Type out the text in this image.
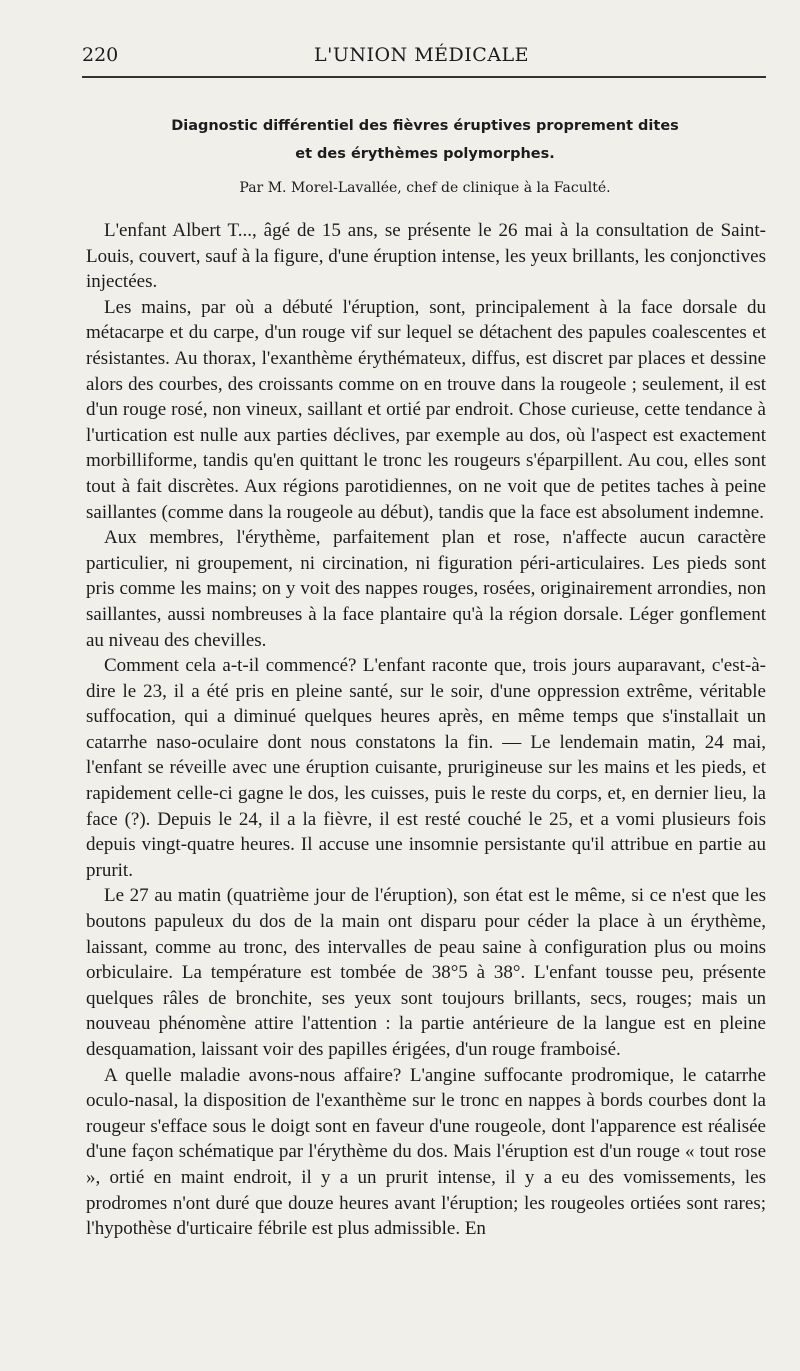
220	L'UNION MÉDICALE
Diagnostic différentiel des fièvres éruptives proprement dites
et des érythèmes polymorphes.
Par M. Morel-Lavallée, chef de clinique à la Faculté.

L'enfant Albert T..., âgé de 15 ans, se présente le 26 mai à la consultation de Saint-Louis, couvert, sauf à la figure, d'une éruption intense, les yeux brillants, les conjonctives injectées.

Les mains, par où a débuté l'éruption, sont, principalement à la face dorsale du métacarpe et du carpe, d'un rouge vif sur lequel se détachent des papules coalescentes et résistantes. Au thorax, l'exanthème érythémateux, diffus, est discret par places et dessine alors des courbes, des croissants comme on en trouve dans la rougeole ; seulement, il est d'un rouge rosé, non vineux, saillant et ortié par endroit. Chose curieuse, cette tendance à l'urtication est nulle aux parties déclives, par exemple au dos, où l'aspect est exactement morbilliforme, tandis qu'en quittant le tronc les rougeurs s'éparpillent. Au cou, elles sont tout à fait discrètes. Aux régions parotidiennes, on ne voit que de petites taches à peine saillantes (comme dans la rougeole au début), tandis que la face est absolument indemne.

Aux membres, l'érythème, parfaitement plan et rose, n'affecte aucun caractère particulier, ni groupement, ni circination, ni figuration péri-articulaires. Les pieds sont pris comme les mains; on y voit des nappes rouges, rosées, originairement arrondies, non saillantes, aussi nombreuses à la face plantaire qu'à la région dorsale. Léger gonflement au niveau des chevilles.

Comment cela a-t-il commencé? L'enfant raconte que, trois jours auparavant, c'est-à-dire le 23, il a été pris en pleine santé, sur le soir, d'une oppression extrême, véritable suffocation, qui a diminué quelques heures après, en même temps que s'installait un catarrhe naso-oculaire dont nous constatons la fin. — Le lendemain matin, 24 mai, l'enfant se réveille avec une éruption cuisante, prurigineuse sur les mains et les pieds, et rapidement celle-ci gagne le dos, les cuisses, puis le reste du corps, et, en dernier lieu, la face (?). Depuis le 24, il a la fièvre, il est resté couché le 25, et a vomi plusieurs fois depuis vingt-quatre heures. Il accuse une insomnie persistante qu'il attribue en partie au prurit.

Le 27 au matin (quatrième jour de l'éruption), son état est le même, si ce n'est que les boutons papuleux du dos de la main ont disparu pour céder la place à un érythème, laissant, comme au tronc, des intervalles de peau saine à configuration plus ou moins orbiculaire. La température est tombée de 38°5 à 38°. L'enfant tousse peu, présente quelques râles de bronchite, ses yeux sont toujours brillants, secs, rouges; mais un nouveau phénomène attire l'attention : la partie antérieure de la langue est en pleine desquamation, laissant voir des papilles érigées, d'un rouge framboisé.

A quelle maladie avons-nous affaire? L'angine suffocante prodromique, le catarrhe oculo-nasal, la disposition de l'exanthème sur le tronc en nappes à bords courbes dont la rougeur s'efface sous le doigt sont en faveur d'une rougeole, dont l'apparence est réalisée d'une façon schématique par l'érythème du dos. Mais l'éruption est d'un rouge « tout rose », ortié en maint endroit, il y a un prurit intense, il y a eu des vomissements, les prodromes n'ont duré que douze heures avant l'éruption; les rougeoles ortiées sont rares; l'hypothèse d'urticaire fébrile est plus admissible. En
